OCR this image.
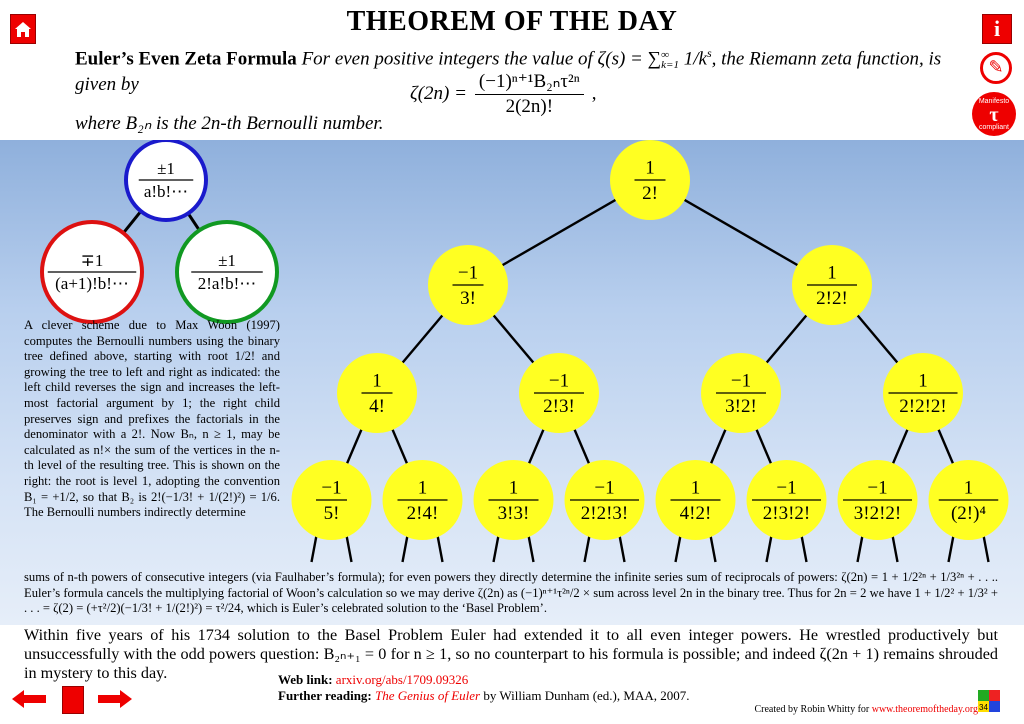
THEOREM OF THE DAY	i
✎
Manifesto
τ
compliant
Euler’s Even Zeta Formula For even positive integers the value of ζ(s) = ∑ ∞
k=1 $1/k^s$, the Riemann zeta function, is given by	$\zeta(2n) = \frac{\text{(−1)ⁿ⁺¹B₂ₙτ²ⁿ}}{2(2n)!}$ ,
where B₂ₙ is the 2n-th Bernoulli number.
±1
a!b!⋯
∓1
(a+1)!b!⋯
±1
2!a!b!⋯
1
2!
−1
3!
1
2!2!
1
4!
−1
2!3!
−1
3!2!
1
2!2!2!
−1
5!
1
2!4!
1
3!3!
−1
2!2!3!
1
4!2!
−1
2!3!2!
−1
3!2!2!
1
(2!)⁴
A clever scheme due to Max Woon (1997) computes the Bernoulli numbers using the binary tree defined above, starting with root 1/2! and growing the tree to left and right as indicated: the left child reverses the sign and increases the left-most factorial argument by 1; the right child preserves sign and prefixes the factorials in the denominator with a 2!. Now Bₙ, n ≥ 1, may be calculated as n!× the sum of the vertices in the n-th level of the resulting tree. This is shown on the right: the root is level 1, adopting the convention B₁ = +1/2, so that B₂ is 2!(−1/3! + 1/(2!)²) = 1/6. The Bernoulli numbers indirectly determine
sums of n-th powers of consecutive integers (via Faulhaber’s formula); for even powers they directly determine the infinite series sum of reciprocals of powers: ζ(2n) = 1 + 1/2²ⁿ + 1/3²ⁿ + . . .. Euler’s formula cancels the multiplying factorial of Woon’s calculation so we may derive ζ(2n) as (−1)ⁿ⁺¹τ²ⁿ/2 × sum across level 2n in the binary tree. Thus for 2n = 2 we have 1 + 1/2² + 1/3² + . . . = ζ(2) = (+τ²/2)(−1/3! + 1/(2!)²) = τ²/24, which is Euler’s celebrated solution to the ‘Basel Problem’.
Within five years of his 1734 solution to the Basel Problem Euler had extended it to all even integer powers. He wrestled productively but unsuccessfully with the odd powers question: B₂ₙ₊₁ = 0 for n ≥ 1, so no counterpart to his formula is possible; and indeed ζ(2n + 1) remains shrouded in mystery to this day.	Web link: arxiv.org/abs/1709.09326
Further reading: The Genius of Euler by William Dunham (ed.), MAA, 2007.
Created by Robin Whitty for www.theoremoftheday.org 34
